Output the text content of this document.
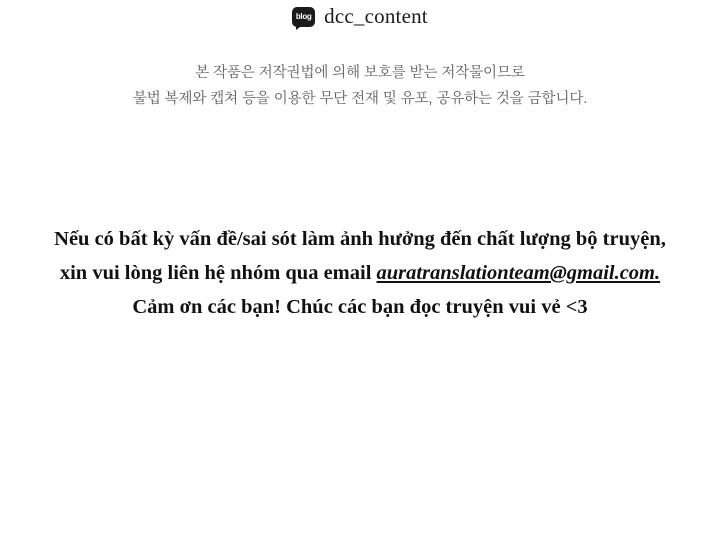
blog dcc_content
본 작품은 저작권법에 의해 보호를 받는 저작물이므로
불법 복제와 캡쳐 등을 이용한 무단 전재 및 유포, 공유하는 것을 금합니다.
Nếu có bất kỳ vấn đề/sai sót làm ảnh hưởng đến chất lượng bộ truyện,
xin vui lòng liên hệ nhóm qua email auratranslationteam@gmail.com.
Cảm ơn các bạn! Chúc các bạn đọc truyện vui vẻ <3
